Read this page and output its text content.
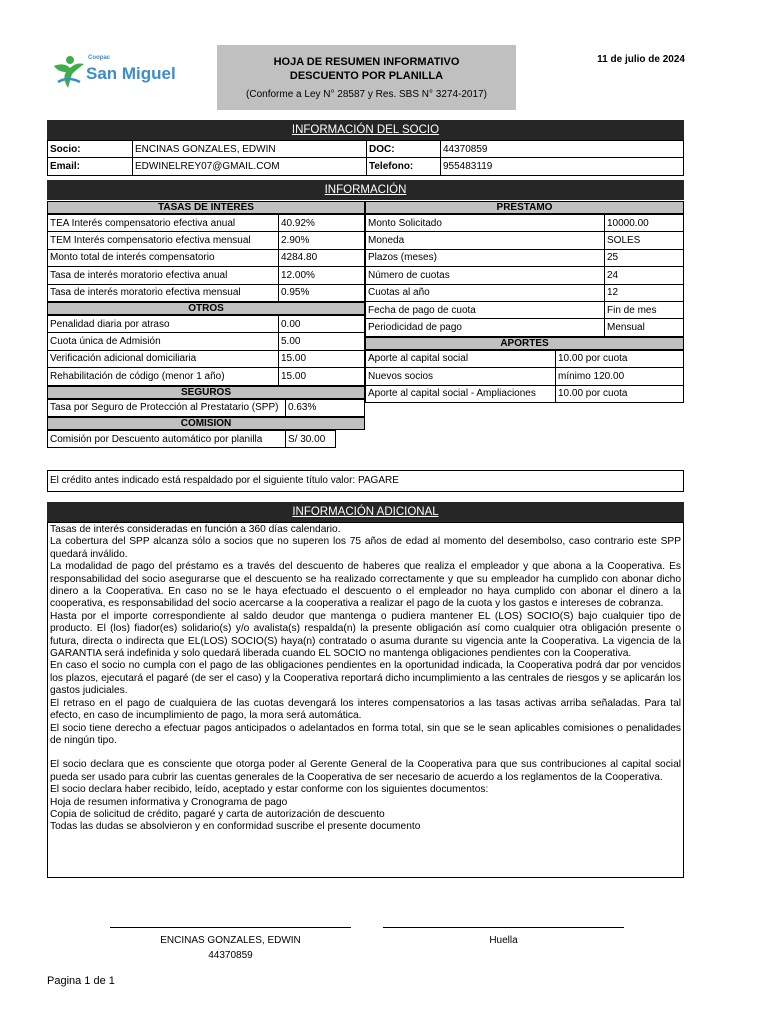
Coopac
San Miguel
HOJA DE RESUMEN INFORMATIVO
DESCUENTO POR PLANILLA
(Conforme a Ley N° 28587 y Res. SBS N° 3274-2017)
11 de julio de 2024
INFORMACIÓN DEL SOCIO
Socio:	ENCINAS GONZALES, EDWIN	DOC:	44370859
Email:	EDWINELREY07@GMAIL.COM	Telefono:	955483119
INFORMACIÓN
TASAS DE INTERÉS
TEA Interés compensatorio efectiva anual	40.92%
TEM Interés compensatorio efectiva mensual	2.90%
Monto total de interés compensatorio	4284.80
Tasa de interés moratorio efectiva anual	12.00%
Tasa de interés moratorio efectiva mensual	0.95%
OTROS
Penalidad diaria por atraso	0.00
Cuota única de Admisión	5.00
Verificación adicional domiciliaria	15.00
Rehabilitación de código (menor 1 año)	15.00
SEGUROS
Tasa por Seguro de Protección al Prestatario (SPP)	0.63%
COMISION
Comisión por Descuento automático por planilla	S/ 30.00	
PRÉSTAMO
Monto Solicitado	10000.00
Moneda	SOLES
Plazos (meses)	25
Número de cuotas	24
Cuotas al año	12
Fecha de pago de cuota	Fin de mes
Periodicidad de pago	Mensual
APORTES
Aporte al capital social	10.00 por cuota
Nuevos socios	mínimo 120.00
Aporte al capital social - Ampliaciones	10.00 por cuota
El crédito antes indicado está respaldado por el siguiente título valor: PAGARE
INFORMACIÓN ADICIONAL

Tasas de interés consideradas en función a 360 días calendario.

La cobertura del SPP alcanza sólo a socios que no superen los 75 años de edad al momento del desembolso, caso contrario este SPP quedará inválido.

La modalidad de pago del préstamo es a través del descuento de haberes que realiza el empleador y que abona a la Cooperativa. Es responsabilidad del socio asegurarse que el descuento se ha realizado correctamente y que su empleador ha cumplido con abonar dicho dinero a la Cooperativa. En caso no se le haya efectuado el descuento o el empleador no haya cumplido con abonar el dinero a la cooperativa, es responsabilidad del socio acercarse a la cooperativa a realizar el pago de la cuota y los gastos e intereses de cobranza.

Hasta por el importe correspondiente al saldo deudor que mantenga o pudiera mantener EL (LOS) SOCIO(S) bajo cualquier tipo de producto. El (los) fiador(es) solidario(s) y/o avalista(s) respalda(n) la presente obligación así como cualquier otra obligación presente o futura, directa o indirecta que EL(LOS) SOCIO(S) haya(n) contratado o asuma durante su vigencia ante la Cooperativa. La vigencia de la GARANTIA será indefinida y solo quedará liberada cuando EL SOCIO no mantenga obligaciones pendientes con la Cooperativa.

En caso el socio no cumpla con el pago de las obligaciones pendientes en la oportunidad indicada, la Cooperativa podrá dar por vencidos los plazos, ejecutará el pagaré (de ser el caso) y la Cooperativa reportará dicho incumplimiento a las centrales de riesgos y se aplicarán los gastos judiciales.

El retraso en el pago de cualquiera de las cuotas devengará los interes compensatorios a las tasas activas arriba señaladas. Para tal efecto, en caso de incumplimiento de pago, la mora será automática.

El socio tiene derecho a efectuar pagos anticipados o adelantados en forma total, sin que se le sean aplicables comisiones o penalidades de ningún tipo.

El socio declara que es consciente que otorga poder al Gerente General de la Cooperativa para que sus contribuciones al capital social pueda ser usado para cubrir las cuentas generales de la Cooperativa de ser necesario de acuerdo a los reglamentos de la Cooperativa.

El socio declara haber recibido, leído, aceptado y estar conforme con los siguientes documentos:

Hoja de resumen informativa y Cronograma de pago

Copia de solicitud de crédito, pagaré y carta de autorización de descuento

Todas las dudas se absolvieron y en conformidad suscribe el presente documento

ENCINAS GONZALES, EDWIN
44370859
Huella
Pagina 1 de 1
